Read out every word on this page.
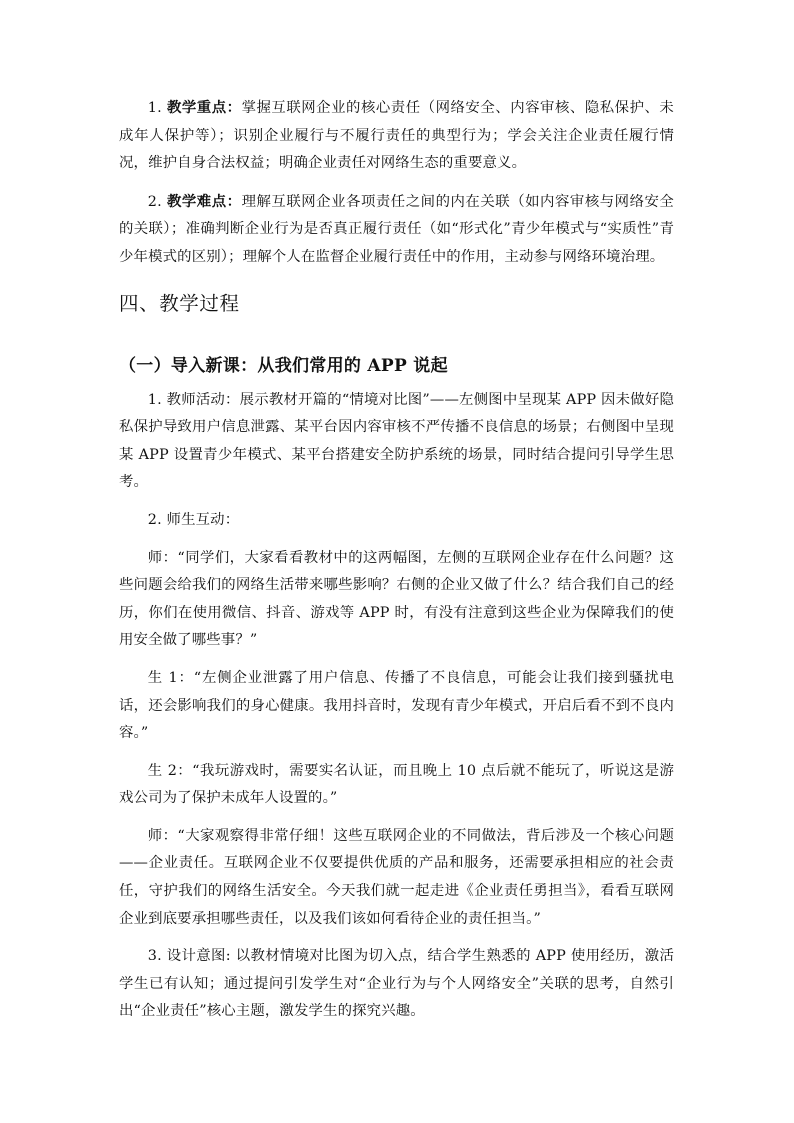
1. 教学重点：掌握互联网企业的核心责任（网络安全、内容审核、隐私保护、未成年人保护等）；识别企业履行与不履行责任的典型行为；学会关注企业责任履行情况，维护自身合法权益；明确企业责任对网络生态的重要意义。

2. 教学难点：理解互联网企业各项责任之间的内在关联（如内容审核与网络安全的关联）；准确判断企业行为是否真正履行责任（如“形式化”青少年模式与“实质性”青少年模式的区别）；理解个人在监督企业履行责任中的作用，主动参与网络环境治理。

四、教学过程
（一）导入新课：从我们常用的 APP 说起

1. 教师活动：展示教材开篇的“情境对比图”——左侧图中呈现某 APP 因未做好隐私保护导致用户信息泄露、某平台因内容审核不严传播不良信息的场景；右侧图中呈现某 APP 设置青少年模式、某平台搭建安全防护系统的场景，同时结合提问引导学生思考。

2. 师生互动：

师：“同学们，大家看看教材中的这两幅图，左侧的互联网企业存在什么问题？这些问题会给我们的网络生活带来哪些影响？右侧的企业又做了什么？结合我们自己的经历，你们在使用微信、抖音、游戏等 APP 时，有没有注意到这些企业为保障我们的使用安全做了哪些事？”

生 1：“左侧企业泄露了用户信息、传播了不良信息，可能会让我们接到骚扰电话，还会影响我们的身心健康。我用抖音时，发现有青少年模式，开启后看不到不良内容。”

生 2：“我玩游戏时，需要实名认证，而且晚上 10 点后就不能玩了，听说这是游戏公司为了保护未成年人设置的。”

师：“大家观察得非常仔细！这些互联网企业的不同做法，背后涉及一个核心问题——企业责任。互联网企业不仅要提供优质的产品和服务，还需要承担相应的社会责任，守护我们的网络生活安全。今天我们就一起走进《企业责任勇担当》，看看互联网企业到底要承担哪些责任，以及我们该如何看待企业的责任担当。”

3. 设计意图: 以教材情境对比图为切入点，结合学生熟悉的 APP 使用经历，激活学生已有认知；通过提问引发学生对“企业行为与个人网络安全”关联的思考，自然引出“企业责任”核心主题，激发学生的探究兴趣。
